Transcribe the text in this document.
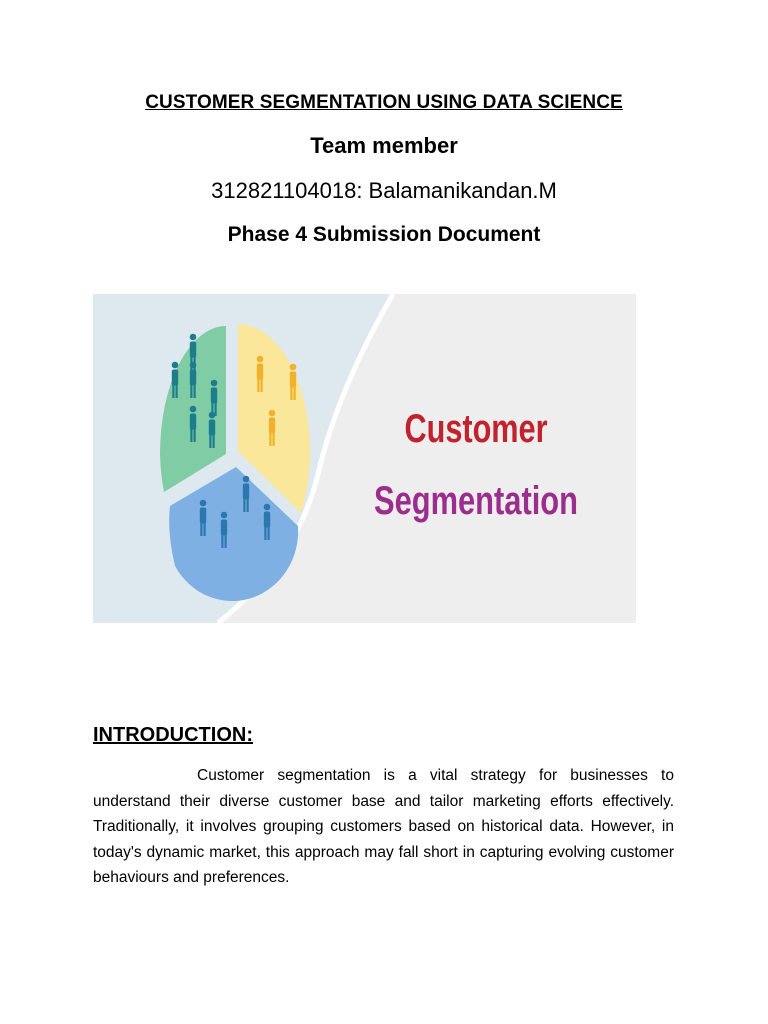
CUSTOMER SEGMENTATION USING DATA SCIENCE
Team member
312821104018: Balamanikandan.M
Phase 4 Submission Document
Customer
Segmentation
INTRODUCTION:
Customer segmentation is a vital strategy for businesses to understand their diverse customer base and tailor marketing efforts effectively. Traditionally, it involves grouping customers based on historical data. However, in today's dynamic market, this approach may fall short in capturing evolving customer behaviours and preferences.
